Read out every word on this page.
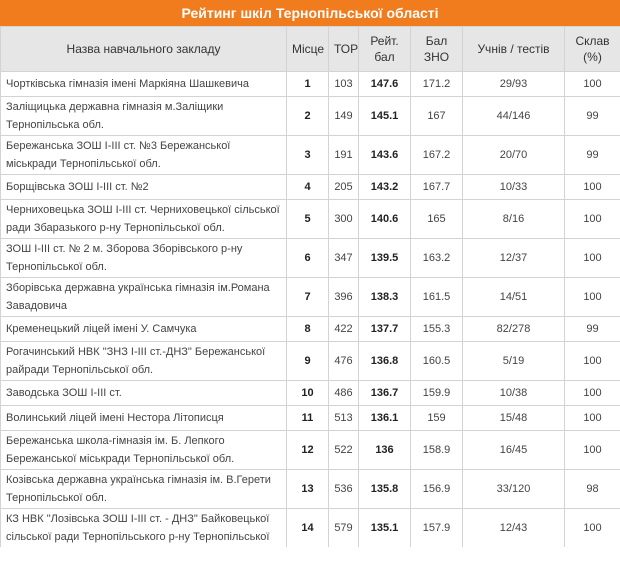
Рейтинг шкіл Тернопільської області
Назва навчального закладу	Місце	ТОР	Рейт. бал	Бал ЗНО	Учнів / тестів	Склав (%)
Чортківська гімназія імені Маркіяна Шашкевича	1	103	147.6	171.2	29/93	100
Заліщицька державна гімназія м.Заліщики Тернопільська обл.	2	149	145.1	167	44/146	99
Бережанська ЗОШ І-ІІІ ст. №3 Бережанської міськради Тернопільської обл.	3	191	143.6	167.2	20/70	99
Борщівська ЗОШ І-ІІІ ст. №2	4	205	143.2	167.7	10/33	100
Черниховецька ЗОШ І-ІІІ ст. Черниховецької сільської ради Збаразького р-ну Тернопільської обл.	5	300	140.6	165	8/16	100
ЗОШ І-ІІІ ст. № 2 м. Зборова Зборівського р-ну Тернопільської обл.	6	347	139.5	163.2	12/37	100
Зборівська державна українська гімназія ім.Романа Завадовича	7	396	138.3	161.5	14/51	100
Кременецький ліцей імені У. Самчука	8	422	137.7	155.3	82/278	99
Рогачинський НВК "ЗНЗ І-ІІІ ст.-ДНЗ" Бережанської райради Тернопільської обл.	9	476	136.8	160.5	5/19	100
Заводська ЗОШ І-ІІІ ст.	10	486	136.7	159.9	10/38	100
Волинський ліцей імені Нестора Літописця	11	513	136.1	159	15/48	100
Бережанська школа-гімназія ім. Б. Лепкого Бережанської міськради Тернопільської обл.	12	522	136	158.9	16/45	100
Козівська державна українська гімназія ім. В.Герети Тернопільської обл.	13	536	135.8	156.9	33/120	98
КЗ НВК "Лозівська ЗОШ І-ІІІ ст. - ДНЗ" Байковецької сільської ради Тернопільського р-ну Тернопільської	14	579	135.1	157.9	12/43	100
